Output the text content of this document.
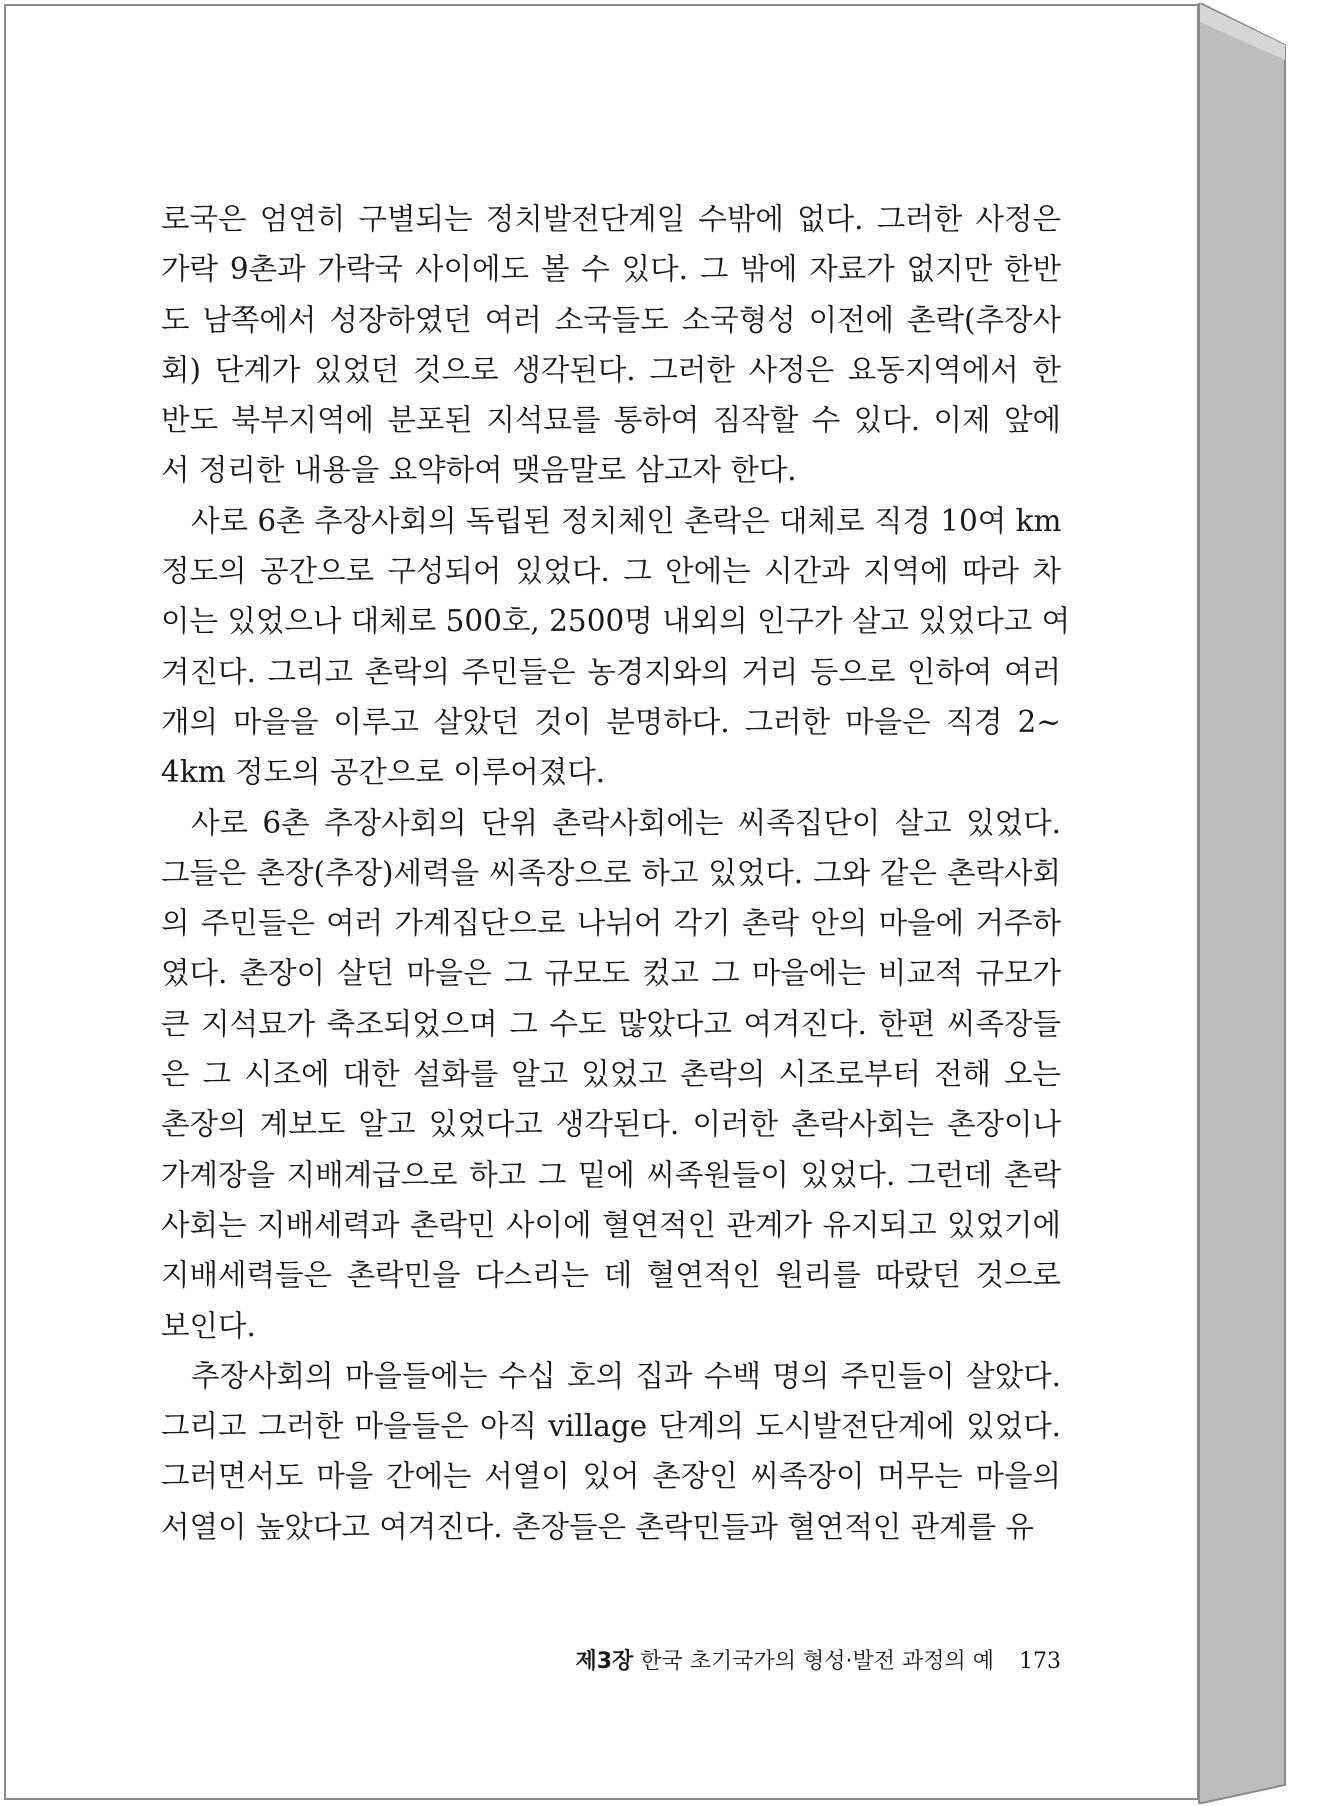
로국은 엄연히 구별되는 정치발전단계일 수밖에 없다. 그러한 사정은
가락 9촌과 가락국 사이에도 볼 수 있다. 그 밖에 자료가 없지만 한반
도 남쪽에서 성장하였던 여러 소국들도 소국형성 이전에 촌락(추장사
회) 단계가 있었던 것으로 생각된다. 그러한 사정은 요동지역에서 한
반도 북부지역에 분포된 지석묘를 통하여 짐작할 수 있다. 이제 앞에
서 정리한 내용을 요약하여 맺음말로 삼고자 한다.
사로 6촌 추장사회의 독립된 정치체인 촌락은 대체로 직경 10여 km
정도의 공간으로 구성되어 있었다. 그 안에는 시간과 지역에 따라 차
이는 있었으나 대체로 500호, 2500명 내외의 인구가 살고 있었다고 여
겨진다. 그리고 촌락의 주민들은 농경지와의 거리 등으로 인하여 여러
개의 마을을 이루고 살았던 것이 분명하다. 그러한 마을은 직경 2~
4km 정도의 공간으로 이루어졌다.
사로 6촌 추장사회의 단위 촌락사회에는 씨족집단이 살고 있었다.
그들은 촌장(추장)세력을 씨족장으로 하고 있었다. 그와 같은 촌락사회
의 주민들은 여러 가계집단으로 나뉘어 각기 촌락 안의 마을에 거주하
였다. 촌장이 살던 마을은 그 규모도 컸고 그 마을에는 비교적 규모가
큰 지석묘가 축조되었으며 그 수도 많았다고 여겨진다. 한편 씨족장들
은 그 시조에 대한 설화를 알고 있었고 촌락의 시조로부터 전해 오는
촌장의 계보도 알고 있었다고 생각된다. 이러한 촌락사회는 촌장이나
가계장을 지배계급으로 하고 그 밑에 씨족원들이 있었다. 그런데 촌락
사회는 지배세력과 촌락민 사이에 혈연적인 관계가 유지되고 있었기에
지배세력들은 촌락민을 다스리는 데 혈연적인 원리를 따랐던 것으로
보인다.
추장사회의 마을들에는 수십 호의 집과 수백 명의 주민들이 살았다.
그리고 그러한 마을들은 아직 village 단계의 도시발전단계에 있었다.
그러면서도 마을 간에는 서열이 있어 촌장인 씨족장이 머무는 마을의
서열이 높았다고 여겨진다. 촌장들은 촌락민들과 혈연적인 관계를 유
제3장 한국 초기국가의 형성·발전 과정의 예 173
